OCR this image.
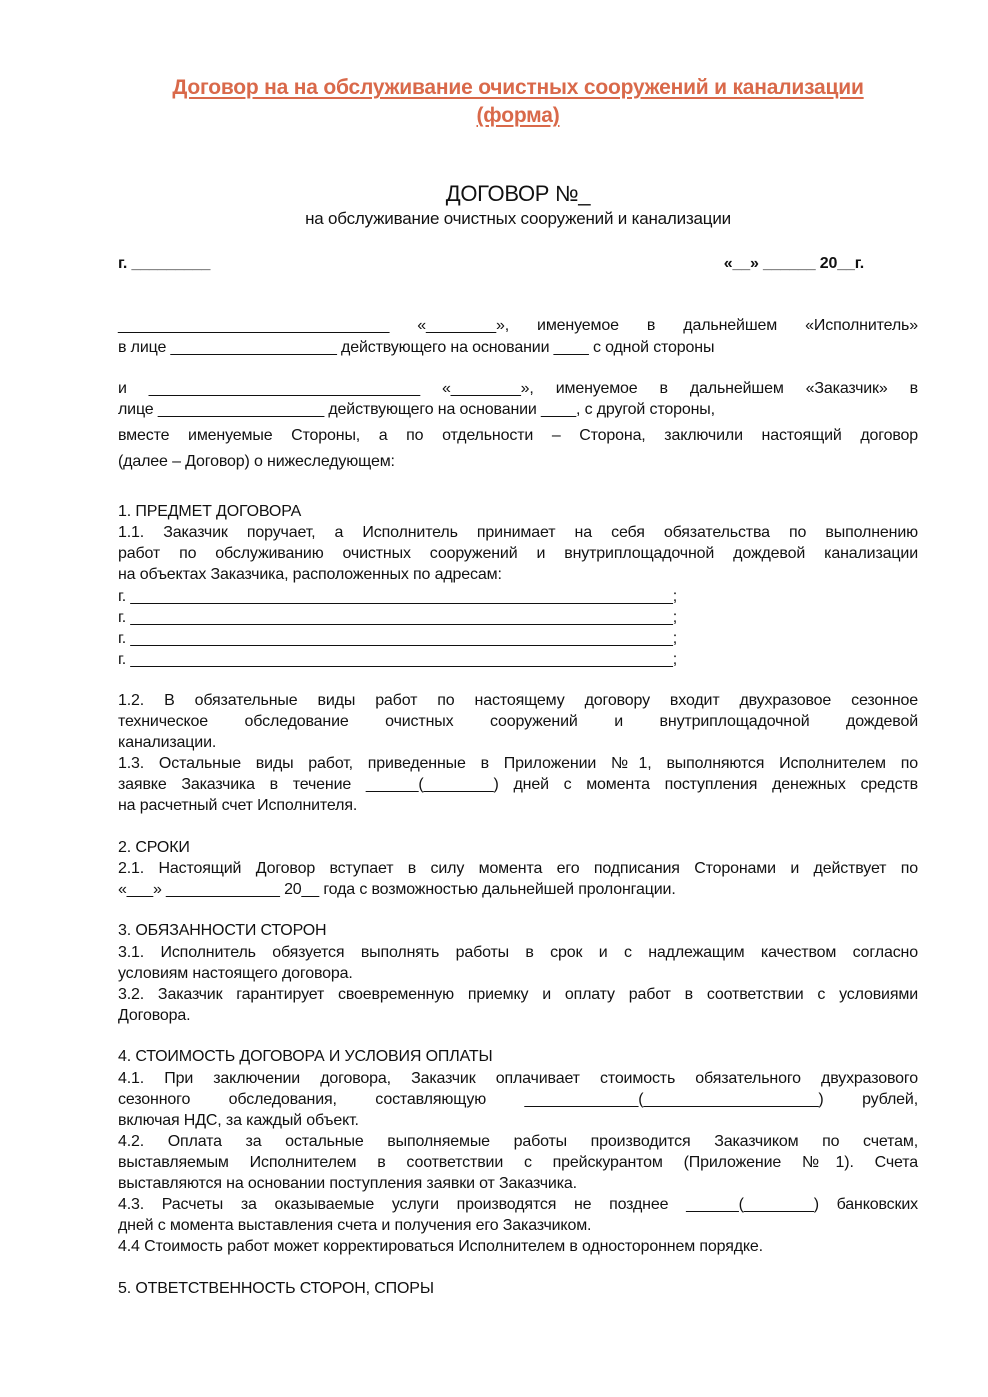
Договор на на обслуживание очистных сооружений и канализации
(форма)
ДОГОВОР №_
на обслуживание очистных сооружений и канализации
г. _________	«__» ______ 20__г.
_______________________________ «________», именуемое в дальнейшем «Исполнитель»
в лице ___________________ действующего на основании ____ с одной стороны
и _______________________________ «________», именуемое в дальнейшем «Заказчик» в
лице ___________________ действующего на основании ____, с другой стороны,
вместе именуемые Стороны, а по отдельности – Сторона, заключили настоящий договор
(далее – Договор) о нижеследующем:
1. ПРЕДМЕТ ДОГОВОРА
1.1. Заказчик поручает, а Исполнитель принимает на себя обязательства по выполнению
работ по обслуживанию очистных сооружений и внутриплощадочной дождевой канализации
на объектах Заказчика, расположенных по адресам:
г. ______________________________________________________________;
г. ______________________________________________________________;
г. ______________________________________________________________;
г. ______________________________________________________________;
1.2. В обязательные виды работ по настоящему договору входит двухразовое сезонное
техническое обследование очистных сооружений и внутриплощадочной дождевой
канализации.
1.3. Остальные виды работ, приведенные в Приложении №1, выполняются Исполнителем по
заявке Заказчика в течение ______(________) дней с момента поступления денежных средств
на расчетный счет Исполнителя.
2. СРОКИ
2.1. Настоящий Договор вступает в силу момента его подписания Сторонами и действует по
«___» _____________ 20__ года с возможностью дальнейшей пролонгации.
3. ОБЯЗАННОСТИ СТОРОН
3.1. Исполнитель обязуется выполнять работы в срок и с надлежащим качеством согласно
условиям настоящего договора.
3.2. Заказчик гарантирует своевременную приемку и оплату работ в соответствии с условиями
Договора.
4. СТОИМОСТЬ ДОГОВОРА И УСЛОВИЯ ОПЛАТЫ
4.1. При заключении договора, Заказчик оплачивает стоимость обязательного двухразового
сезонного обследования, составляющую _____________(____________________) рублей,
включая НДС, за каждый объект.
4.2. Оплата за остальные выполняемые работы производится Заказчиком по счетам,
выставляемым Исполнителем в соответствии с прейскурантом (Приложение №1). Счета
выставляются на основании поступления заявки от Заказчика.
4.3. Расчеты за оказываемые услуги производятся не позднее ______(________) банковских
дней с момента выставления счета и получения его Заказчиком.
4.4 Стоимость работ может корректироваться Исполнителем в одностороннем порядке.
5. ОТВЕТСТВЕННОСТЬ СТОРОН, СПОРЫ
